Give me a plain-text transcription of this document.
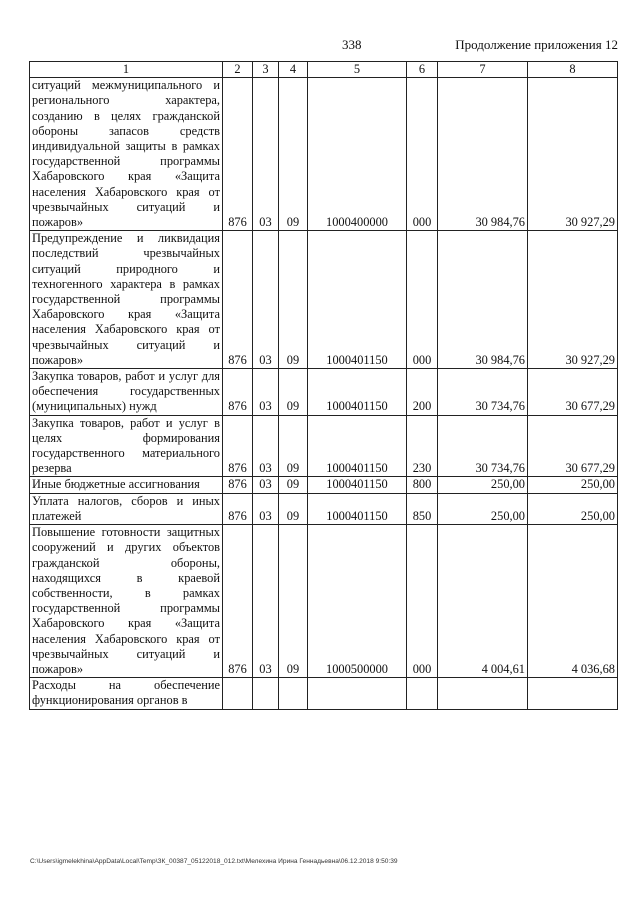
338	Продолжение приложения 12
1	2	3	4	5	6	7	8
ситуаций межмуниципального и регионального характера, созданию в целях гражданской обороны запасов средств индивидуальной защиты в рамках государственной программы Хабаровского края «Защита населения Хабаровского края от чрезвычайных ситуаций и пожаров»	876	03	09	1000400000	000	30 984,76	30 927,29
Предупреждение и ликвидация последствий чрезвычайных ситуаций природного и техногенного характера в рамках государственной программы Хабаровского края «Защита населения Хабаровского края от чрезвычайных ситуаций и пожаров»	876	03	09	1000401150	000	30 984,76	30 927,29
Закупка товаров, работ и услуг для обеспечения государственных (муниципальных) нужд	876	03	09	1000401150	200	30 734,76	30 677,29
Закупка товаров, работ и услуг в целях формирования государственного материального резерва	876	03	09	1000401150	230	30 734,76	30 677,29
Иные бюджетные ассигнования	876	03	09	1000401150	800	250,00	250,00
Уплата налогов, сборов и иных платежей	876	03	09	1000401150	850	250,00	250,00
Повышение готовности защитных сооружений и других объектов гражданской обороны, находящихся в краевой собственности, в рамках государственной программы Хабаровского края «Защита населения Хабаровского края от чрезвычайных ситуаций и пожаров»	876	03	09	1000500000	000	4 004,61	4 036,68
Расходы на обеспечение функционирования органов в							
C:\Users\igmelekhina\AppData\Local\Temp\ЗК_00387_05122018_012.txt\Мелехина Ирина Геннадьевна\06.12.2018 9:50:39
